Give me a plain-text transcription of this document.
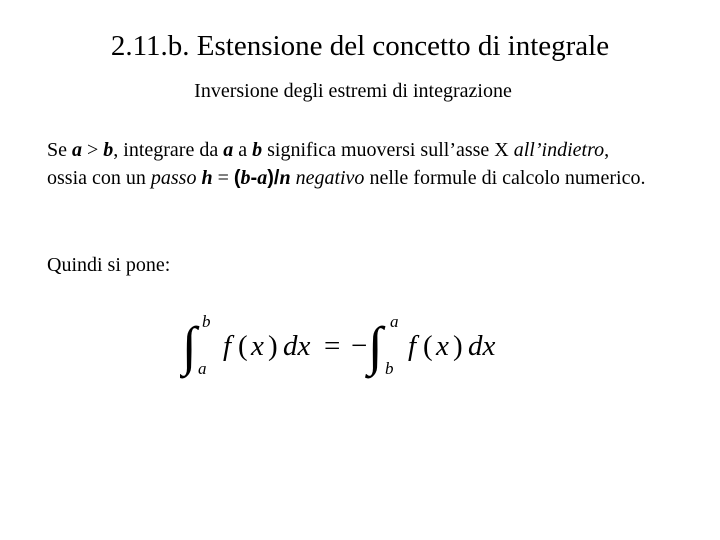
2.11.b. Estensione del concetto di integrale
Inversione degli estremi di integrazione
Se a > b, integrare da a a b significa muoversi sull’asse X all’indietro, ossia con un passo h = (b-a)/n negativo nelle formule di calcolo numerico.
Quindi si pone:
∫ b
a
f ( x ) dx = − ∫ a
b
f ( x ) dx
